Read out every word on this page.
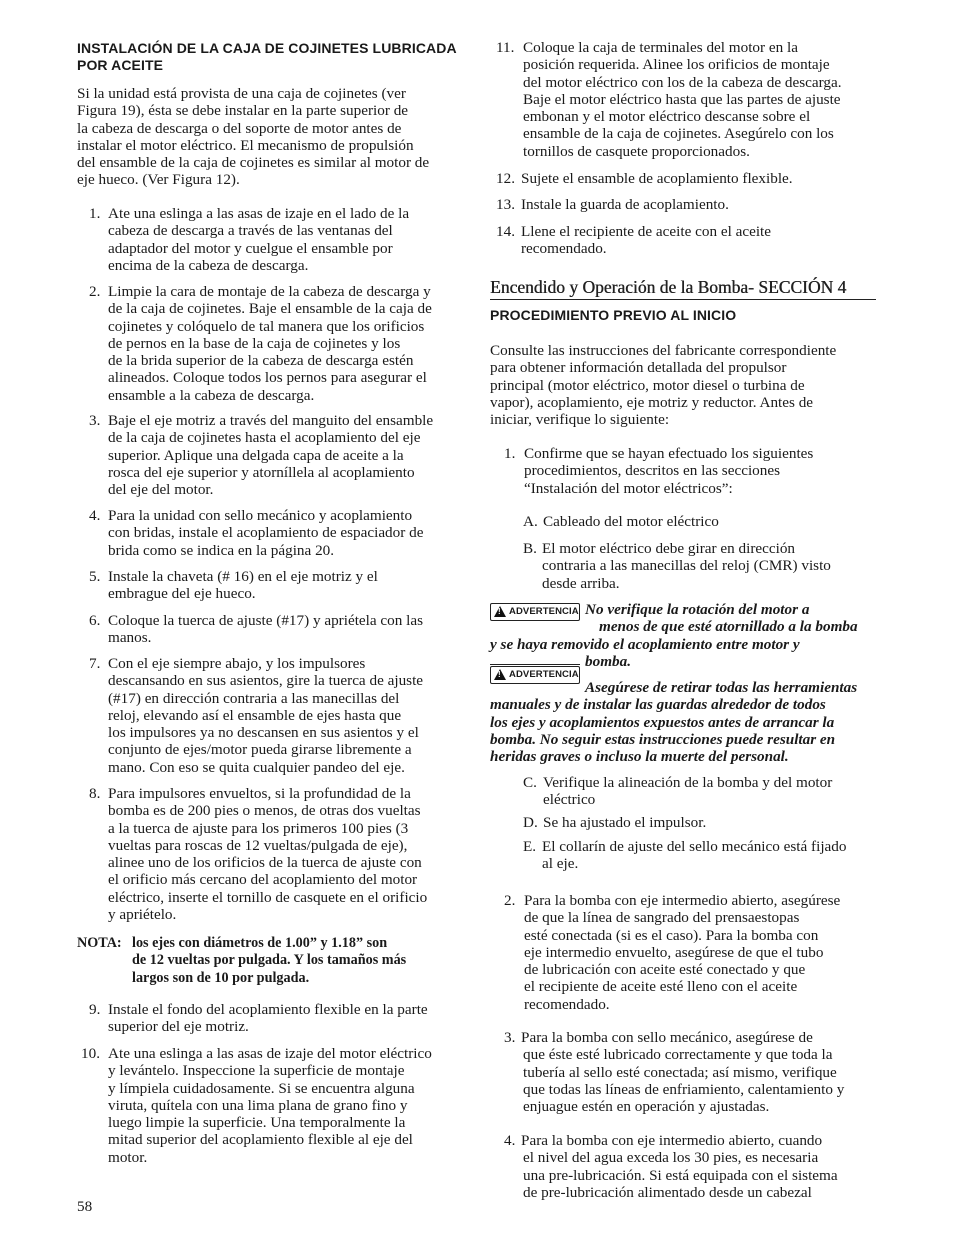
INSTALACIÓN DE LA CAJA DE COJINETES LUBRICADA
POR ACEITE
Si la unidad está provista de una caja de cojinetes (ver
Figura 19), ésta se debe instalar en la parte superior de
la cabeza de descarga o del soporte de motor antes de
instalar el motor eléctrico. El mecanismo de propulsión
del ensamble de la caja de cojinetes es similar al motor de
eje hueco. (Ver Figura 12).
1. Ate una eslinga a las asas de izaje en el lado de la
cabeza de descarga a través de las ventanas del
adaptador del motor y cuelgue el ensamble por
encima de la cabeza de descarga.
2. Limpie la cara de montaje de la cabeza de descarga y
de la caja de cojinetes. Baje el ensamble de la caja de
cojinetes y colóquelo de tal manera que los orificios
de pernos en la base de la caja de cojinetes y los
de la brida superior de la cabeza de descarga estén
alineados. Coloque todos los pernos para asegurar el
ensamble a la cabeza de descarga.
3. Baje el eje motriz a través del manguito del ensamble
de la caja de cojinetes hasta el acoplamiento del eje
superior. Aplique una delgada capa de aceite a la
rosca del eje superior y atorníllela al acoplamiento
del eje del motor.
4. Para la unidad con sello mecánico y acoplamiento
con bridas, instale el acoplamiento de espaciador de
brida como se indica en la página 20.
5. Instale la chaveta (# 16) en el eje motriz y el
embrague del eje hueco.
6. Coloque la tuerca de ajuste (#17) y apriétela con las
manos.
7. Con el eje siempre abajo, y los impulsores
descansando en sus asientos, gire la tuerca de ajuste
(#17) en dirección contraria a las manecillas del
reloj, elevando así el ensamble de ejes hasta que
los impulsores ya no descansen en sus asientos y el
conjunto de ejes/motor pueda girarse libremente a
mano. Con eso se quita cualquier pandeo del eje.
8. Para impulsores envueltos, si la profundidad de la
bomba es de 200 pies o menos, de otras dos vueltas
a la tuerca de ajuste para los primeros 100 pies (3
vueltas para roscas de 12 vueltas/pulgada de eje),
alinee uno de los orificios de la tuerca de ajuste con
el orificio más cercano del acoplamiento del motor
eléctrico, inserte el tornillo de casquete en el orificio
y apriételo.
NOTA: los ejes con diámetros de 1.00” y 1.18” son
de 12 vueltas por pulgada. Y los tamaños más
largos son de 10 por pulgada.
9. Instale el fondo del acoplamiento flexible en la parte
superior del eje motriz.
10. Ate una eslinga a las asas de izaje del motor eléctrico
y levántelo. Inspeccione la superficie de montaje
y límpiela cuidadosamente. Si se encuentra alguna
viruta, quítela con una lima plana de grano fino y
luego limpie la superficie. Una temporalmente la
mitad superior del acoplamiento flexible al eje del
motor.
58
11. Coloque la caja de terminales del motor en la
posición requerida. Alinee los orificios de montaje
del motor eléctrico con los de la cabeza de descarga.
Baje el motor eléctrico hasta que las partes de ajuste
embonan y el motor eléctrico descanse sobre el
ensamble de la caja de cojinetes. Asegúrelo con los
tornillos de casquete proporcionados.
12. Sujete el ensamble de acoplamiento flexible.
13. Instale la guarda de acoplamiento.
14. Llene el recipiente de aceite con el aceite
recomendado.
Encendido y Operación de la Bomba- SECCIÓN 4
PROCEDIMIENTO PREVIO AL INICIO
Consulte las instrucciones del fabricante correspondiente
para obtener información detallada del propulsor
principal (motor eléctrico, motor diesel o turbina de
vapor), acoplamiento, eje motriz y reductor. Antes de
iniciar, verifique lo siguiente:
1. Confirme que se hayan efectuado los siguientes
procedimientos, descritos en las secciones
“Instalación del motor eléctricos”:
A. Cableado del motor eléctrico
B. El motor eléctrico debe girar en dirección
contraria a las manecillas del reloj (CMR) visto
desde arriba.
!
ADVERTENCIA No verifique la rotación del motor a
menos de que esté atornillado a la bomba
y se haya removido el acoplamiento entre motor y
bomba.
!
ADVERTENCIA
Asegúrese de retirar todas las herramientas
manuales y de instalar las guardas alrededor de todos
los ejes y acoplamientos expuestos antes de arrancar la
bomba. No seguir estas instrucciones puede resultar en
heridas graves o incluso la muerte del personal.
C. Verifique la alineación de la bomba y del motor
eléctrico
D. Se ha ajustado el impulsor.
E. El collarín de ajuste del sello mecánico está fijado
al eje.
2. Para la bomba con eje intermedio abierto, asegúrese
de que la línea de sangrado del prensaestopas
esté conectada (si es el caso). Para la bomba con
eje intermedio envuelto, asegúrese de que el tubo
de lubricación con aceite esté conectado y que
el recipiente de aceite esté lleno con el aceite
recomendado.
3. Para la bomba con sello mecánico, asegúrese de
que éste esté lubricado correctamente y que toda la
tubería al sello esté conectada; así mismo, verifique
que todas las líneas de enfriamiento, calentamiento y
enjuague estén en operación y ajustadas.
4. Para la bomba con eje intermedio abierto, cuando
el nivel del agua exceda los 30 pies, es necesaria
una pre-lubricación. Si está equipada con el sistema
de pre-lubricación alimentado desde un cabezal
